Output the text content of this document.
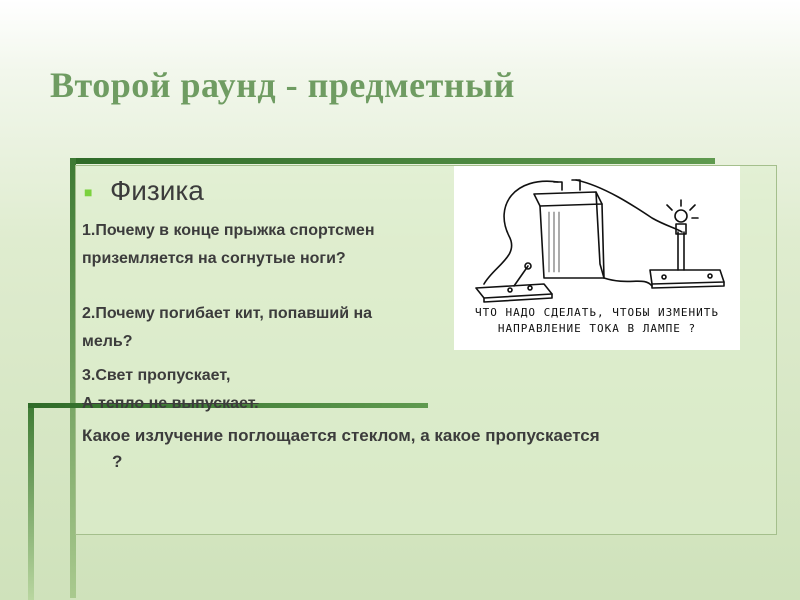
Второй раунд - предметный
■ Физика
1.Почему в конце прыжка спортсмен
приземляется на согнутые ноги?
2.Почему погибает кит, попавший на
мель?
3.Свет пропускает,
А тепло не выпускает.
Какое излучение поглощается стеклом, а какое пропускается
?
ЧТО НАДО СДЕЛАТЬ, ЧТОБЫ ИЗМЕНИТЬ
НАПРАВЛЕНИЕ ТОКА В ЛАМПЕ ?
